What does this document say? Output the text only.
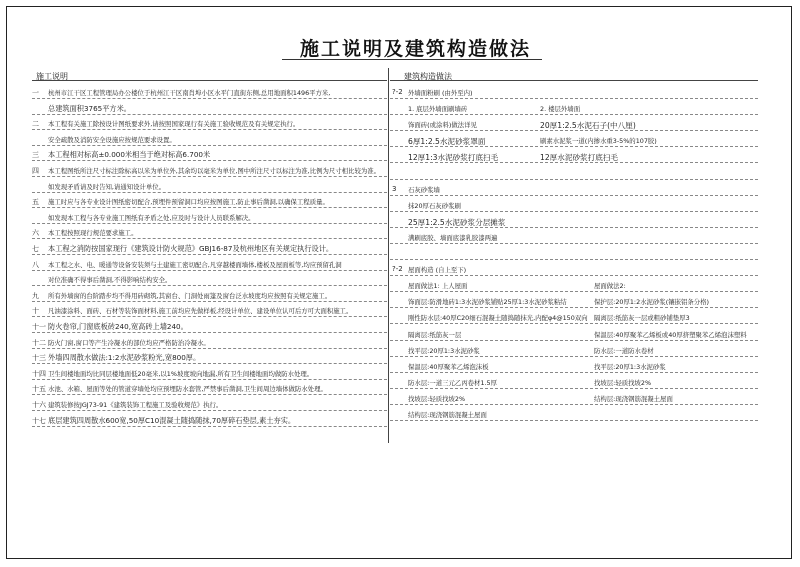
施工说明及建筑构造做法
施工说明	建筑构造做法
一 杭州市江干区工程管理局办公楼位于杭州江干区南肖埠小区水平门直街东侧,总用地面积1496平方米,
总建筑面积3765平方米。
二 本工程有关施工除按设计图纸要求外,请按照国家现行有关施工验收规范及有关规定执行。
安全疏散及消防安全设施应按规范要求设置。
三 本工程相对标高±0.000米相当于绝对标高6.700米
四 本工程图纸所注尺寸标注除标高以米为单位外,其余均以毫米为单位,图中所注尺寸以标注为准,比例为尺寸相比较为准。
如发现矛盾请及时告知,请通知设计单位。
五 施工时应与各专业设计图纸密切配合,预埋件预留洞口均应按图施工,防止事后凿洞,以确保工程质量。
如发现本工程与各专业施工图纸有矛盾之处,应及时与设计人员联系解决。
六 本工程按照现行规范要求施工。
七 本工程之消防按国家现行《建筑设计防火规范》GBJ16-87及杭州地区有关规定执行设计。
八 本工程之水、电、暖通等设备安装须与土建施工密切配合,凡穿越楼面墙体,楼板及屋面板等,均应预留孔洞
对位准确不得事后凿洞,不得影响结构安全。
九 所有外墙窗的台阶踏步均不得用砖砌筑,其窗台、门洞处雨篷及窗台泛水坡度均应按照有关规定施工。
十 凡油漆涂料、面砖、石材等装饰面材料,施工前均应先做样板,经设计单位、建设单位认可后方可大面积施工。
十一 防火卷帘,门窗底板砖240,宽高砖上墙240。
十二 防火门窗,窗口等产生冷凝水的部位均应严格防治冷凝水。
十三 外墙四周散水做法:1:2水泥砂浆粉光,宽800厚。
十四 卫生间楼地面均比同层楼地面低20毫米,以1%坡度坡向地漏,所有卫生间楼地面均做防水处理。
十五 水池、水箱、屋面等处的管道穿墙处均应预埋防水套管,严禁事后凿洞,卫生间周边墙体做防水处理。
十六 建筑装修按JGJ73-91《建筑装饰工程施工及验收规范》执行。
十七 底层建筑四周散水600宽,50厚C10混凝土随捣随抹,70厚碎石垫层,素土夯实。
?-2 外墙面粉刷 (由外至内)
1. 底层外墙面刷墙砖	2. 楼层外墙面
饰面砖(或涂料)做法详见	20厚1:2.5水泥石子(中八厘)
6厚1:2.5水泥砂浆罩面	刷素水泥浆一道(内掺水重3-5%的107胶)
12厚1:3水泥砂浆打底扫毛	12厚水泥砂浆打底扫毛
3 石灰砂浆墙
抹20厚石灰砂浆刷
25厚1:2.5水泥砂浆分层摊浆
满刷底胶、墙面底漆乳胶漆两遍
?-2 屋面构造 (自上至下)
屋面做法1: 上人屋面	屋面做法2:
饰面层:防滑地砖1:3水泥砂浆铺贴25厚1:3水泥砂浆粘结	保护层:20厚1:2水泥砂浆(镶嵌铝条分格)
刚性防水层:40厚C20细石混凝土随捣随抹光,内配φ4@150双向 隔离层:纸筋灰一层或粗砂铺垫厚3
隔离层:纸筋灰一层	保温层:40厚聚苯乙烯板或40厚挤塑聚苯乙烯泡沫塑料
找平层:20厚1:3水泥砂浆	防水层:一道防水卷材
保温层:40厚聚苯乙烯泡沫板	找平层:20厚1:3水泥砂浆
防水层:一道三元乙丙卷材1.5厚	找坡层:轻质找坡2%
找坡层:轻质找坡2%	结构层:现浇钢筋混凝土屋面
结构层:现浇钢筋混凝土屋面
